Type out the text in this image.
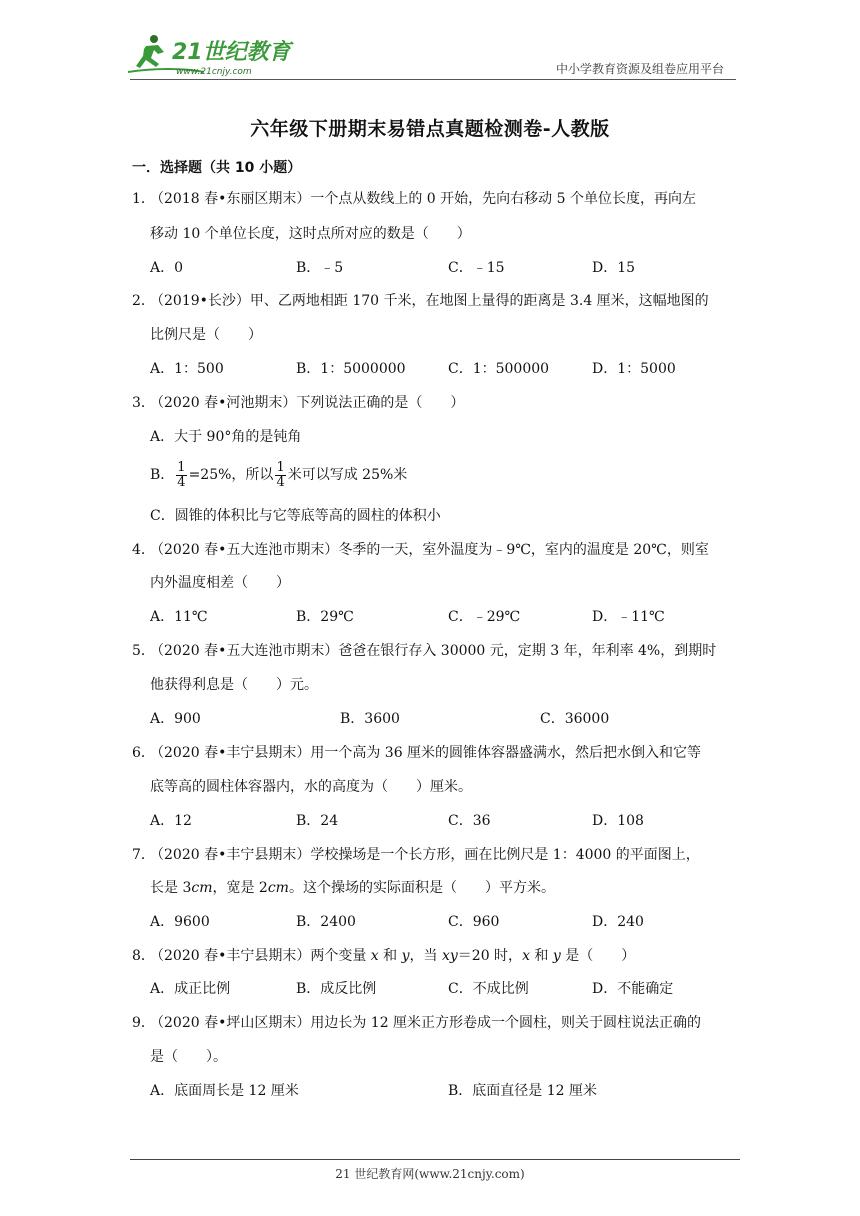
21世纪教育
www.21cnjy.com	中小学教育资源及组卷应用平台
六年级下册期末易错点真题检测卷-人教版
一．选择题（共 10 小题）
1．
（2018 春•东丽区期末）一个点从数线上的 0 开始，先向右移动 5 个单位长度，再向左
移动 10 个单位长度，这时点所对应的数是（　　）
A．0	B．﹣5	C．﹣15	D．15
2．
（2019•长沙）甲、乙两地相距 170 千米，在地图上量得的距离是 3.4 厘米，这幅地图的
比例尺是（　　）
A．1：500	B．1：5000000	C．1：500000	D．1：5000
3．
（2020 春•河池期末）下列说法正确的是（　　）
A．大于 90°角的是钝角
B． $\frac{1}{4} =25\%$，所以 $\frac{1}{4}$ 米可以写成 25%米
C．圆锥的体积比与它等底等高的圆柱的体积小
4．
（2020 春•五大连池市期末）冬季的一天，室外温度为﹣9℃，室内的温度是 20℃，则室
内外温度相差（　　）
A．11℃	B．29℃	C．﹣29℃	D．﹣11℃
5．
（2020 春•五大连池市期末）爸爸在银行存入 30000 元，定期 3 年，年利率 4%，到期时
他获得利息是（　　）元。
A．900	B．3600	C．36000
6．
（2020 春•丰宁县期末）用一个高为 36 厘米的圆锥体容器盛满水，然后把水倒入和它等
底等高的圆柱体容器内，水的高度为（　　）厘米。
A．12	B．24	C．36	D．108
7．
（2020 春•丰宁县期末）学校操场是一个长方形，画在比例尺是 1：4000 的平面图上，
长是 3cm，宽是 2cm。这个操场的实际面积是（　　）平方米。
A．9600	B．2400	C．960	D．240
8．
（2020 春•丰宁县期末）两个变量 x 和 y，当 xy＝20 时，x 和 y 是（　　）
A．成正比例	B．成反比例	C．不成比例	D．不能确定
9．
（2020 春•坪山区期末）用边长为 12 厘米正方形卷成一个圆柱，则关于圆柱说法正确的
是（　　）。
A．底面周长是 12 厘米	B．底面直径是 12 厘米
21 世纪教育网(www.21cnjy.com)
